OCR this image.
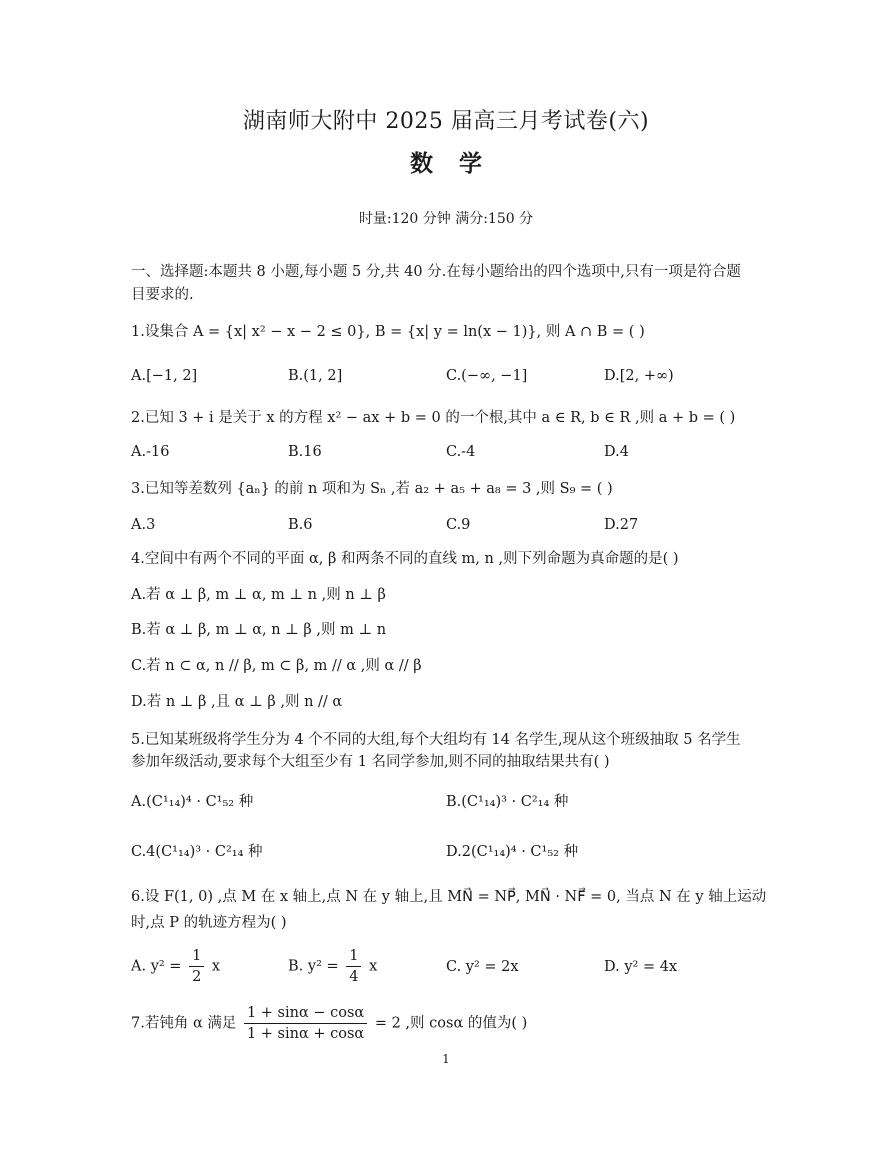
湖南师大附中 2025 届高三月考试卷(六)
数学
时量:120 分钟 满分:150 分
一、选择题:本题共 8 小题,每小题 5 分,共 40 分.在每小题给出的四个选项中,只有一项是符合题
目要求的.
1.设集合 A = {x| x² − x − 2 ≤ 0}, B = {x| y = ln(x − 1)}, 则 A ∩ B = ( )
A.[−1, 2]	B.(1, 2]	C.(−∞, −1]	D.[2, +∞)
2.已知 3 + i 是关于 x 的方程 x² − ax + b = 0 的一个根,其中 a ∈ R, b ∈ R ,则 a + b = ( )
A.-16	B.16	C.-4	D.4
3.已知等差数列 {aₙ} 的前 n 项和为 Sₙ ,若 a₂ + a₅ + a₈ = 3 ,则 S₉ = ( )
A.3	B.6	C.9	D.27
4.空间中有两个不同的平面 α, β 和两条不同的直线 m, n ,则下列命题为真命题的是( )
A.若 α ⊥ β, m ⊥ α, m ⊥ n ,则 n ⊥ β
B.若 α ⊥ β, m ⊥ α, n ⊥ β ,则 m ⊥ n
C.若 n ⊂ α, n // β, m ⊂ β, m // α ,则 α // β
D.若 n ⊥ β ,且 α ⊥ β ,则 n // α
5.已知某班级将学生分为 4 个不同的大组,每个大组均有 14 名学生,现从这个班级抽取 5 名学生
参加年级活动,要求每个大组至少有 1 名同学参加,则不同的抽取结果共有( )
A.(C¹₁₄)⁴ · C¹₅₂ 种	B.(C¹₁₄)³ · C²₁₄ 种
C.4(C¹₁₄)³ · C²₁₄ 种	D.2(C¹₁₄)⁴ · C¹₅₂ 种
6.设 F(1, 0) ,点 M 在 x 轴上,点 N 在 y 轴上,且 MN⃗ = NP⃗, MN⃗ · NF⃗ = 0, 当点 N 在 y 轴上运动
时,点 P 的轨迹方程为( )
A. $y^2 = \frac{1}{2}$ x	B. $y^2 = \frac{1}{4}$ x	C. y² = 2x	D. y² = 4x
7.若钝角 α 满足 $\frac{1 + \sin\alpha - \cos\alpha}{1 + \sin\alpha + \cos\alpha} = 2$ ,则 cosα 的值为( )
1
